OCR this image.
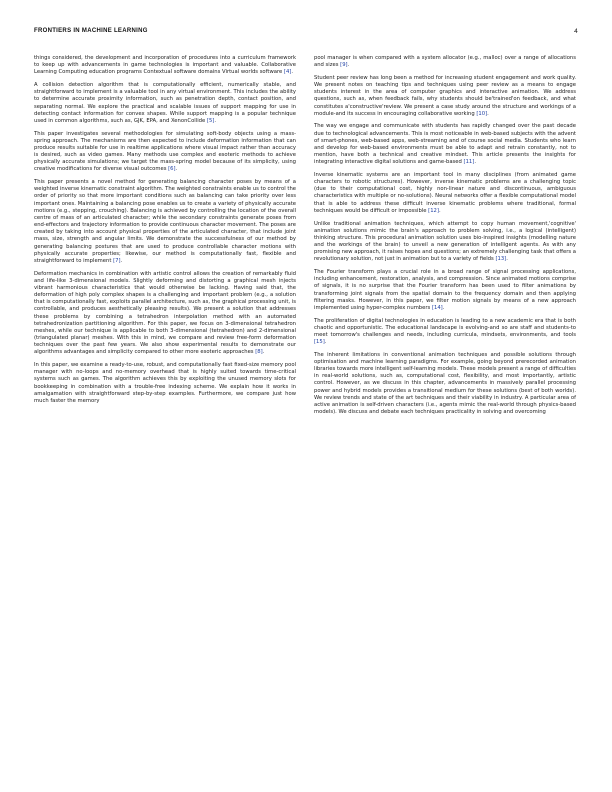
FRONTIERS IN MACHINE LEARNING	4

things considered, the development and incorporation of procedures into a curriculum framework to keep up with advancements in game technologies is important and valuable. Collaborative Learning Computing education programs Contextual software domains Virtual worlds software [4].

A collision detection algorithm that is computationally efficient, numerically stable, and straightforward to implement is a valuable tool in any virtual environment. This includes the ability to determine accurate proximity information, such as penetration depth, contact position, and separating normal. We explore the practical and scalable issues of support mapping for use in detecting contact information for convex shapes. While support mapping is a popular technique used in common algorithms, such as, GJK, EPA, and XenonCollide [5].

This paper investigates several methodologies for simulating soft-body objects using a mass-spring approach. The mechanisms are then expected to include deformation information that can produce results suitable for use in realtime applications where visual impact rather than accuracy is desired, such as video games. Many methods use complex and esoteric methods to achieve physically accurate simulations; we target the mass-spring model because of its simplicity, using creative modifications for diverse visual outcomes [6].

This paper presents a novel method for generating balancing character poses by means of a weighted inverse kinematic constraint algorithm. The weighted constraints enable us to control the order of priority so that more important conditions such as balancing can take priority over less important ones. Maintaining a balancing pose enables us to create a variety of physically accurate motions (e.g., stepping, crouching). Balancing is achieved by controlling the location of the overall centre of mass of an articulated character; while the secondary constraints generate poses from end-effectors and trajectory information to provide continuous character movement. The poses are created by taking into account physical properties of the articulated character, that include joint mass, size, strength and angular limits. We demonstrate the successfulness of our method by generating balancing postures that are used to produce controllable character motions with physically accurate properties; likewise, our method is computationally fast, flexible and straightforward to implement [7].

Deformation mechanics in combination with artistic control allows the creation of remarkably fluid and life-like 3-dimensional models. Slightly deforming and distorting a graphical mesh injects vibrant harmonious characteristics that would otherwise be lacking. Having said that, the deformation of high poly complex shapes is a challenging and important problem (e.g., a solution that is computationally fast, exploits parallel architecture, such as, the graphical processing unit, is controllable, and produces aesthetically pleasing results). We present a solution that addresses these problems by combining a tetrahedron interpolation method with an automated tetrahedronization partitioning algorithm. For this paper, we focus on 3-dimensional tetrahedron meshes, while our technique is applicable to both 3-dimensional (tetrahedron) and 2-dimensional (triangulated planar) meshes. With this in mind, we compare and review free-form deformation techniques over the past few years. We also show experimental results to demonstrate our algorithms advantages and simplicity compared to other more esoteric approaches [8].

In this paper, we examine a ready-to-use, robust, and computationally fast fixed-size memory pool manager with no-loops and no-memory overhead that is highly suited towards time-critical systems such as games. The algorithm achieves this by exploiting the unused memory slots for bookkeeping in combination with a trouble-free indexing scheme. We explain how it works in amalgamation with straightforward step-by-step examples. Furthermore, we compare just how much faster the memory

pool manager is when compared with a system allocator (e.g., malloc) over a range of allocations and sizes [9].

Student peer review has long been a method for increasing student engagement and work quality. We present notes on teaching tips and techniques using peer review as a means to engage students interest in the area of computer graphics and interactive animation. We address questions, such as, when feedback fails, why students should be'trained'on feedback, and what constitutes a'constructive'review. We present a case study around the structure and workings of a module-and its success in encouraging collaborative working [10].

The way we engage and communicate with students has rapidly changed over the past decade due to technological advancements. This is most noticeable in web-based subjects with the advent of smart-phones, web-based apps, web-streaming and of course social media. Students who learn and develop for web-based environments must be able to adapt and retrain constantly, not to mention, have both a technical and creative mindset. This article presents the insights for integrating interactive digital solutions and game-based [11].

Inverse kinematic systems are an important tool in many disciplines (from animated game characters to robotic structures). However, inverse kinematic problems are a challenging topic (due to their computational cost, highly non-linear nature and discontinuous, ambiguous characteristics with multiple or no-solutions). Neural networks offer a flexible computational model that is able to address these difficult inverse kinematic problems where traditional, formal techniques would be difficult or impossible [12].

Unlike traditional animation techniques, which attempt to copy human movement,'cognitive' animation solutions mimic the brain's approach to problem solving, i.e., a logical (intelligent) thinking structure. This procedural animation solution uses bio-inspired insights (modelling nature and the workings of the brain) to unveil a new generation of intelligent agents. As with any promising new approach, it raises hopes and questions; an extremely challenging task that offers a revolutionary solution, not just in animation but to a variety of fields [13].

The Fourier transform plays a crucial role in a broad range of signal processing applications, including enhancement, restoration, analysis, and compression. Since animated motions comprise of signals, it is no surprise that the Fourier transform has been used to filter animations by transforming joint signals from the spatial domain to the frequency domain and then applying filtering masks. However, in this paper, we filter motion signals by means of a new approach implemented using hyper-complex numbers [14].

The proliferation of digital technologies in education is leading to a new academic era that is both chaotic and opportunistic. The educational landscape is evolving-and so are staff and students-to meet tomorrow's challenges and needs, including curricula, mindsets, environments, and tools [15].

The inherent limitations in conventional animation techniques and possible solutions through optimisation and machine learning paradigms. For example, going beyond prerecorded animation libraries towards more intelligent self-learning models. These models present a range of difficulties in real-world solutions, such as, computational cost, flexibility, and most importantly, artistic control. However, as we discuss in this chapter, advancements in massively parallel processing power and hybrid models provides a transitional medium for these solutions (best of both worlds). We review trends and state of the art techniques and their viability in industry. A particular area of active animation is self-driven characters (i.e., agents mimic the real-world through physics-based models). We discuss and debate each techniques practicality in solving and overcoming
